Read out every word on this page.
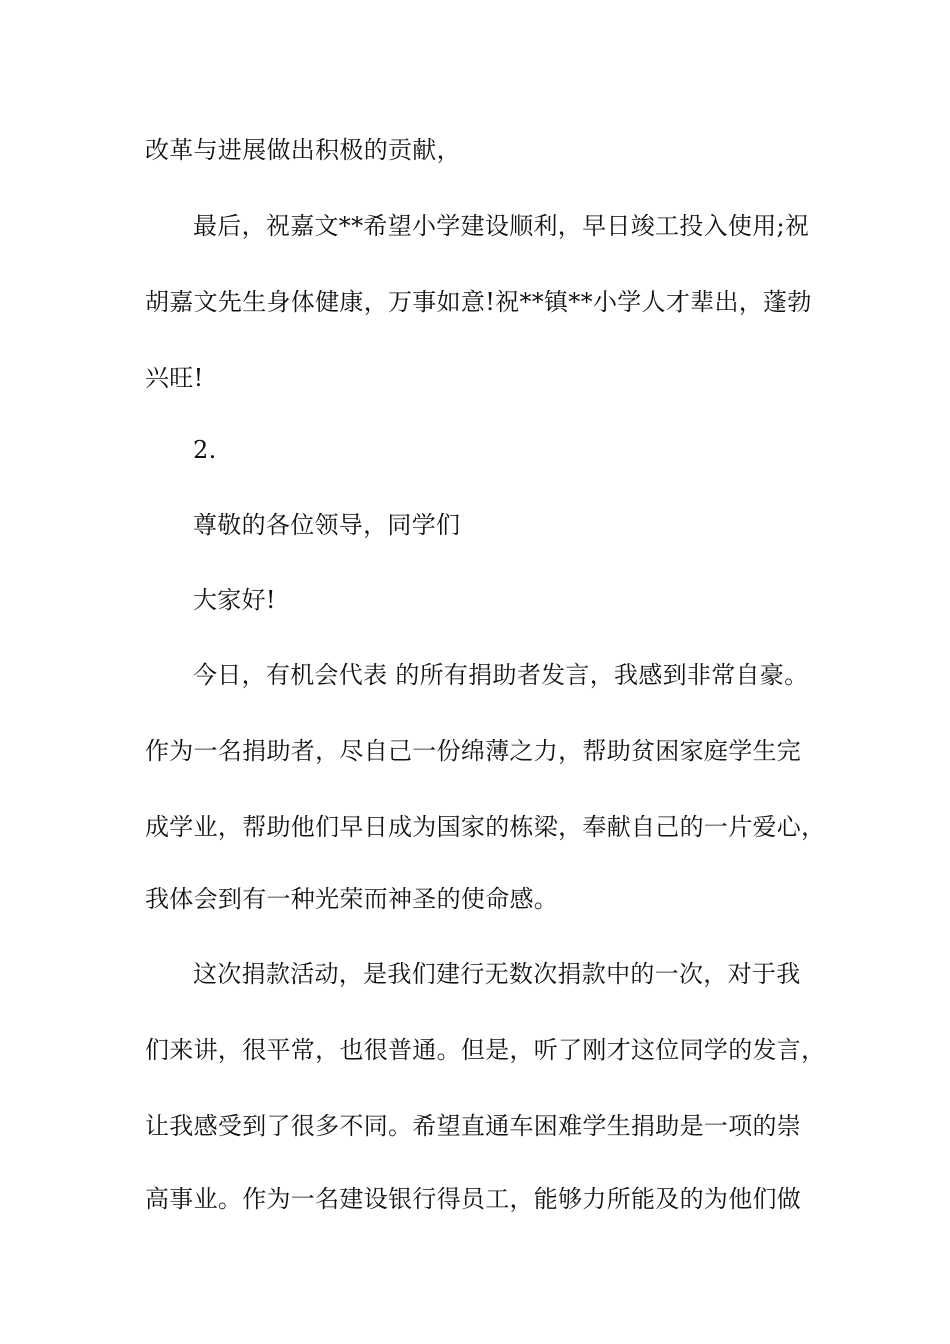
改革与进展做出积极的贡献，
最后，祝嘉文**希望小学建设顺利，早日竣工投入使用;祝
胡嘉文先生身体健康，万事如意!祝**镇**小学人才辈出，蓬勃
兴旺!
2.
尊敬的各位领导，同学们
大家好!
今日，有机会代表 的所有捐助者发言，我感到非常自豪。
作为一名捐助者，尽自己一份绵薄之力，帮助贫困家庭学生完
成学业，帮助他们早日成为国家的栋梁，奉献自己的一片爱心，
我体会到有一种光荣而神圣的使命感。
这次捐款活动，是我们建行无数次捐款中的一次，对于我
们来讲，很平常，也很普通。但是，听了刚才这位同学的发言，
让我感受到了很多不同。希望直通车困难学生捐助是一项的崇
高事业。作为一名建设银行得员工，能够力所能及的为他们做
